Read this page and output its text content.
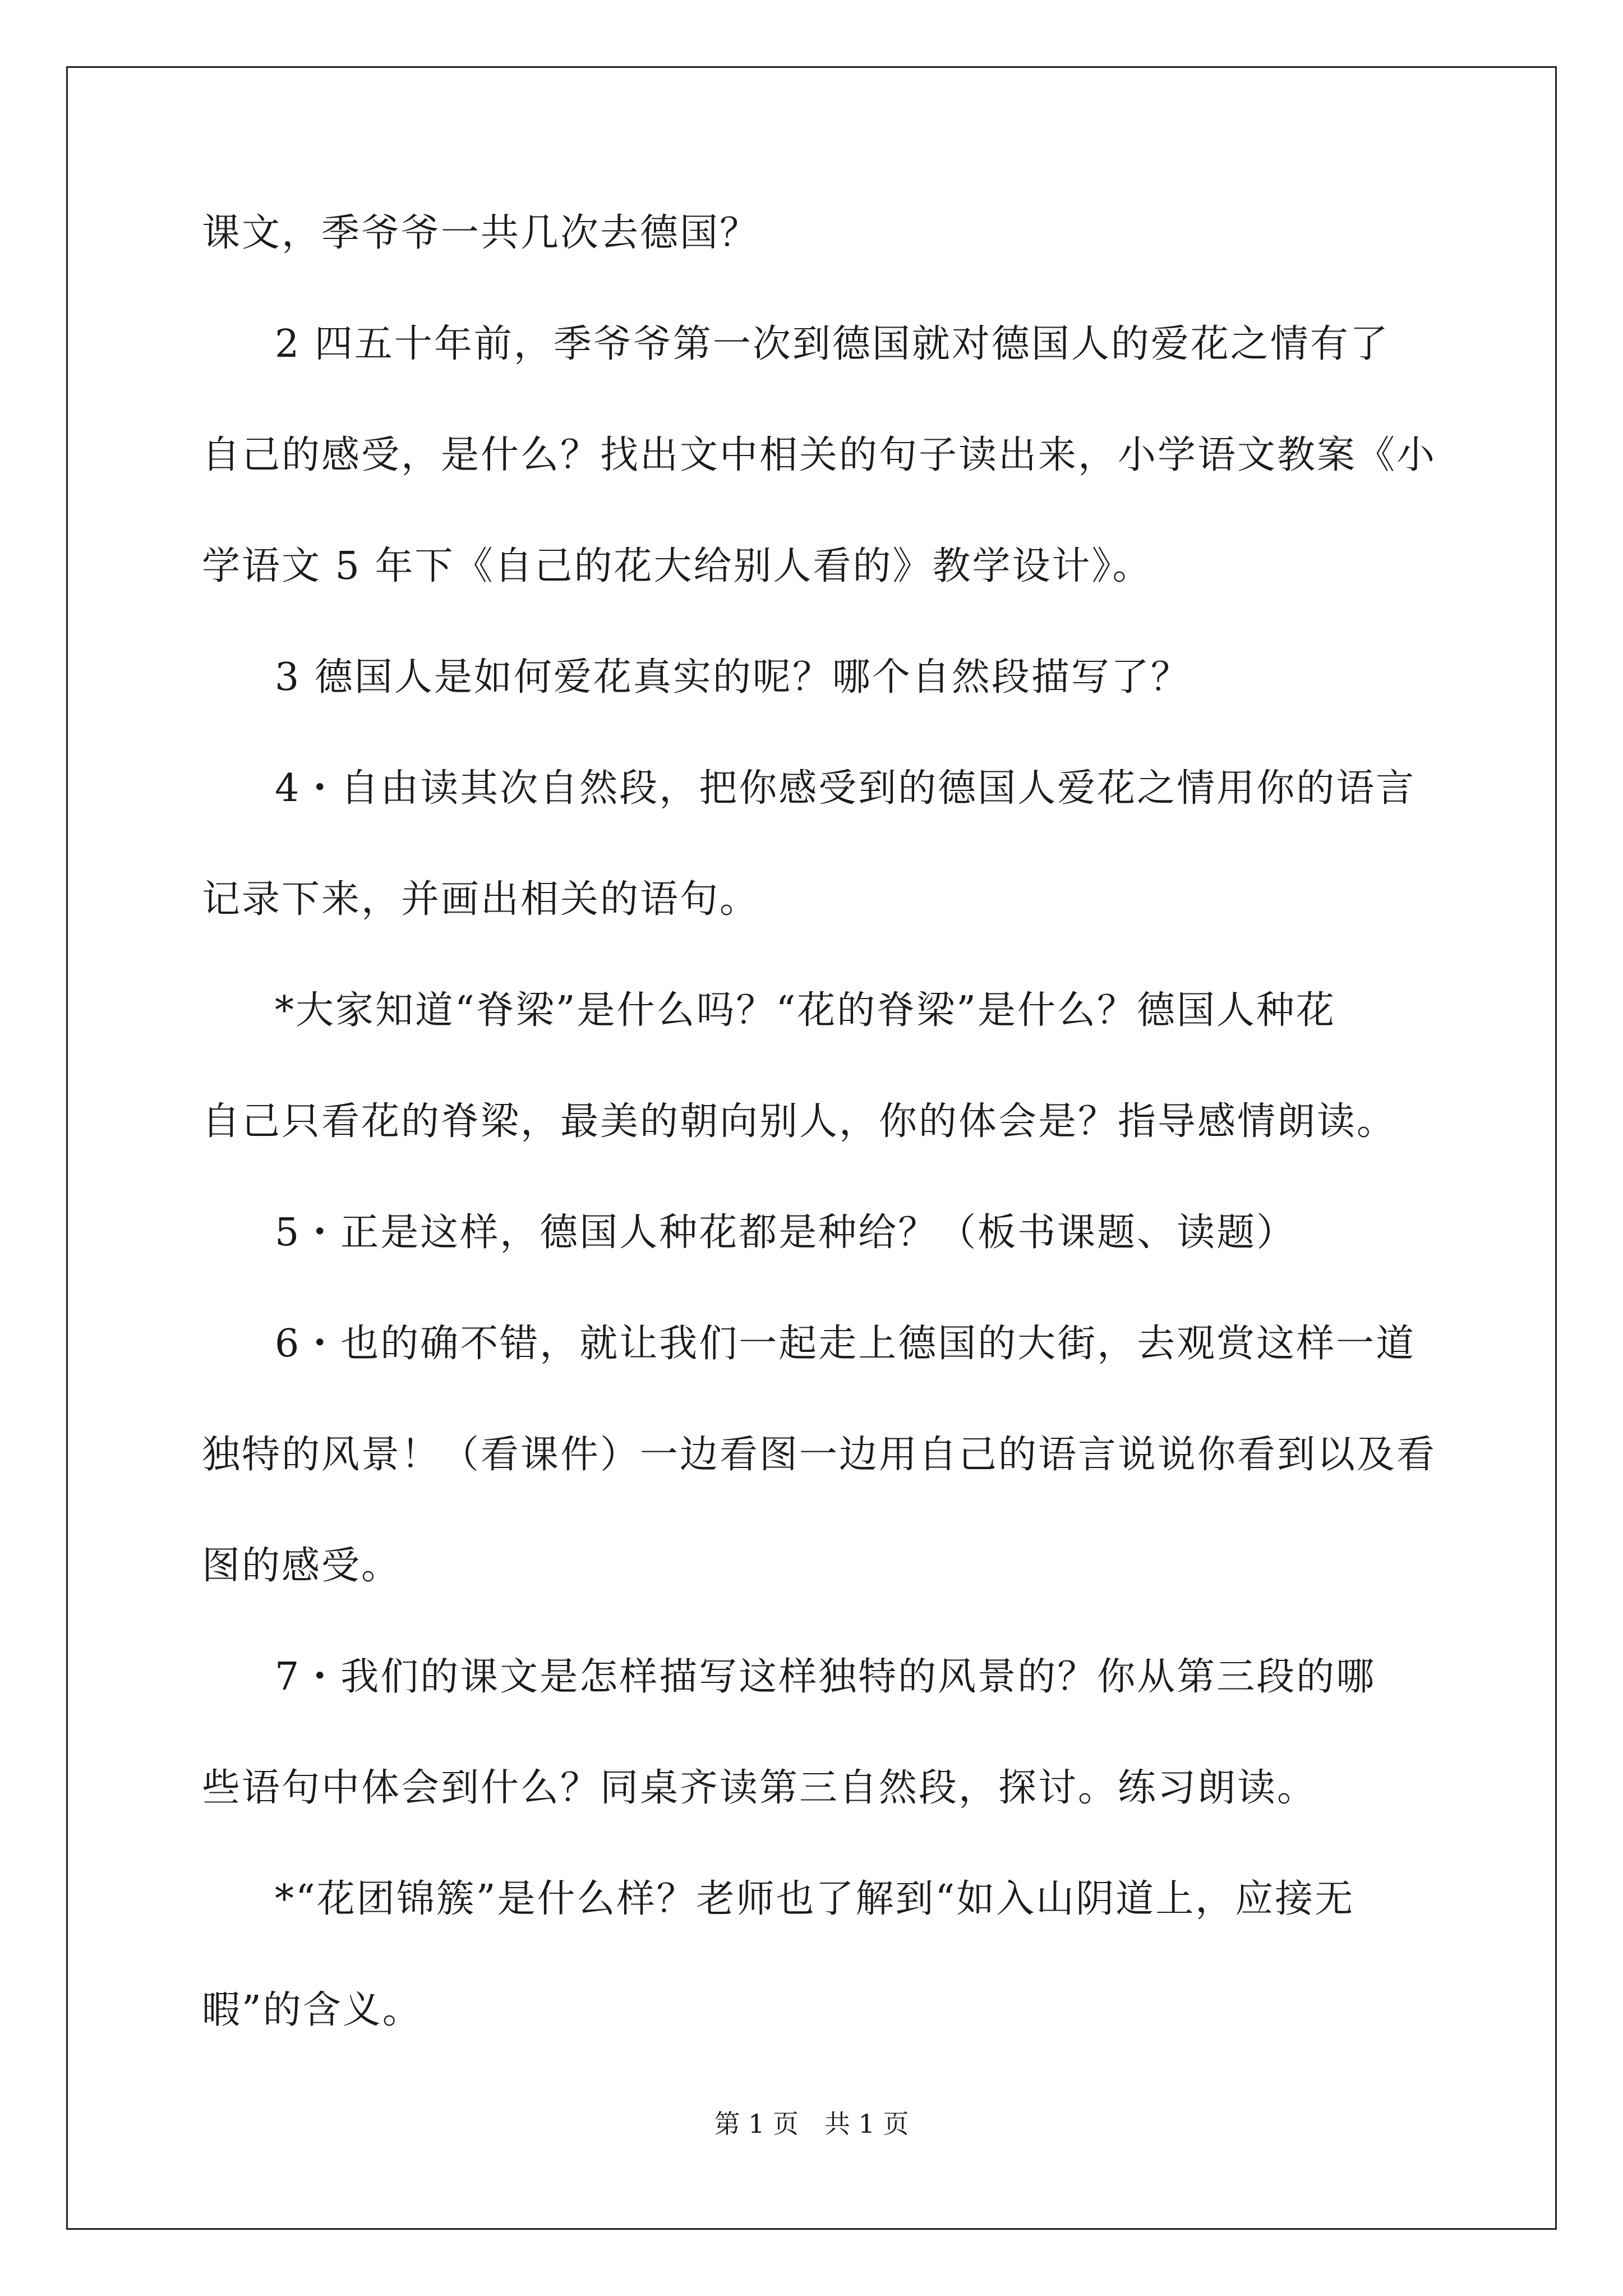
课文，季爷爷一共几次去德国？
2 四五十年前，季爷爷第一次到德国就对德国人的爱花之情有了
自己的感受，是什么？找出文中相关的句子读出来，小学语文教案《小
学语文 5 年下《自己的花大给别人看的》教学设计》。
3 德国人是如何爱花真实的呢？哪个自然段描写了？
4・自由读其次自然段，把你感受到的德国人爱花之情用你的语言
记录下来，并画出相关的语句。
*大家知道“脊梁”是什么吗？“花的脊梁”是什么？德国人种花
自己只看花的脊梁，最美的朝向别人，你的体会是？指导感情朗读。
5・正是这样，德国人种花都是种给？（板书课题、读题）
6・也的确不错，就让我们一起走上德国的大街，去观赏这样一道
独特的风景！（看课件）一边看图一边用自己的语言说说你看到以及看
图的感受。
7・我们的课文是怎样描写这样独特的风景的？你从第三段的哪
些语句中体会到什么？同桌齐读第三自然段，探讨。练习朗读。
*“花团锦簇”是什么样？老师也了解到“如入山阴道上，应接无
暇”的含义。
第 1 页　共 1 页
